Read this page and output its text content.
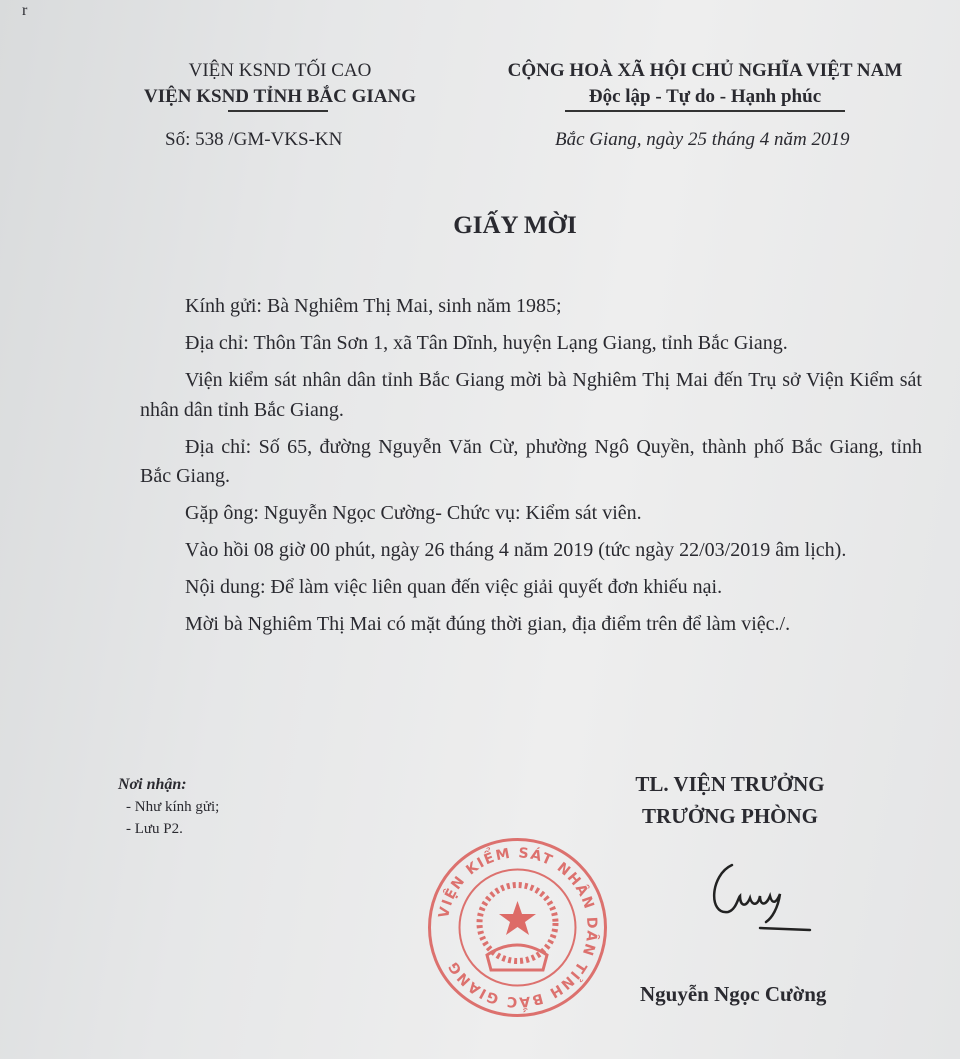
r
VIỆN KSND TỐI CAO
VIỆN KSND TỈNH BẮC GIANG
Số: 538 /GM-VKS-KN
CỘNG HOÀ XÃ HỘI CHỦ NGHĨA VIỆT NAM
Độc lập - Tự do - Hạnh phúc
Bắc Giang, ngày 25 tháng 4 năm 2019
GIẤY MỜI

Kính gửi: Bà Nghiêm Thị Mai, sinh năm 1985;

Địa chỉ: Thôn Tân Sơn 1, xã Tân Dĩnh, huyện Lạng Giang, tỉnh Bắc Giang.

Viện kiểm sát nhân dân tỉnh Bắc Giang mời bà Nghiêm Thị Mai đến Trụ sở Viện Kiểm sát nhân dân tỉnh Bắc Giang.

Địa chỉ: Số 65, đường Nguyễn Văn Cừ, phường Ngô Quyền, thành phố Bắc Giang, tỉnh Bắc Giang.

Gặp ông: Nguyễn Ngọc Cường- Chức vụ: Kiểm sát viên.

Vào hồi 08 giờ 00 phút, ngày 26 tháng 4 năm 2019 (tức ngày 22/03/2019 âm lịch).

Nội dung: Để làm việc liên quan đến việc giải quyết đơn khiếu nại.

Mời bà Nghiêm Thị Mai có mặt đúng thời gian, địa điểm trên để làm việc./.

Nơi nhận:
- Như kính gửi;
- Lưu P2.
VIỆN KIỂM SÁT NHÂN DÂN TỈNH BẮC GIANG
TL. VIỆN TRƯỞNG
TRƯỞNG PHÒNG
Nguyễn Ngọc Cường
